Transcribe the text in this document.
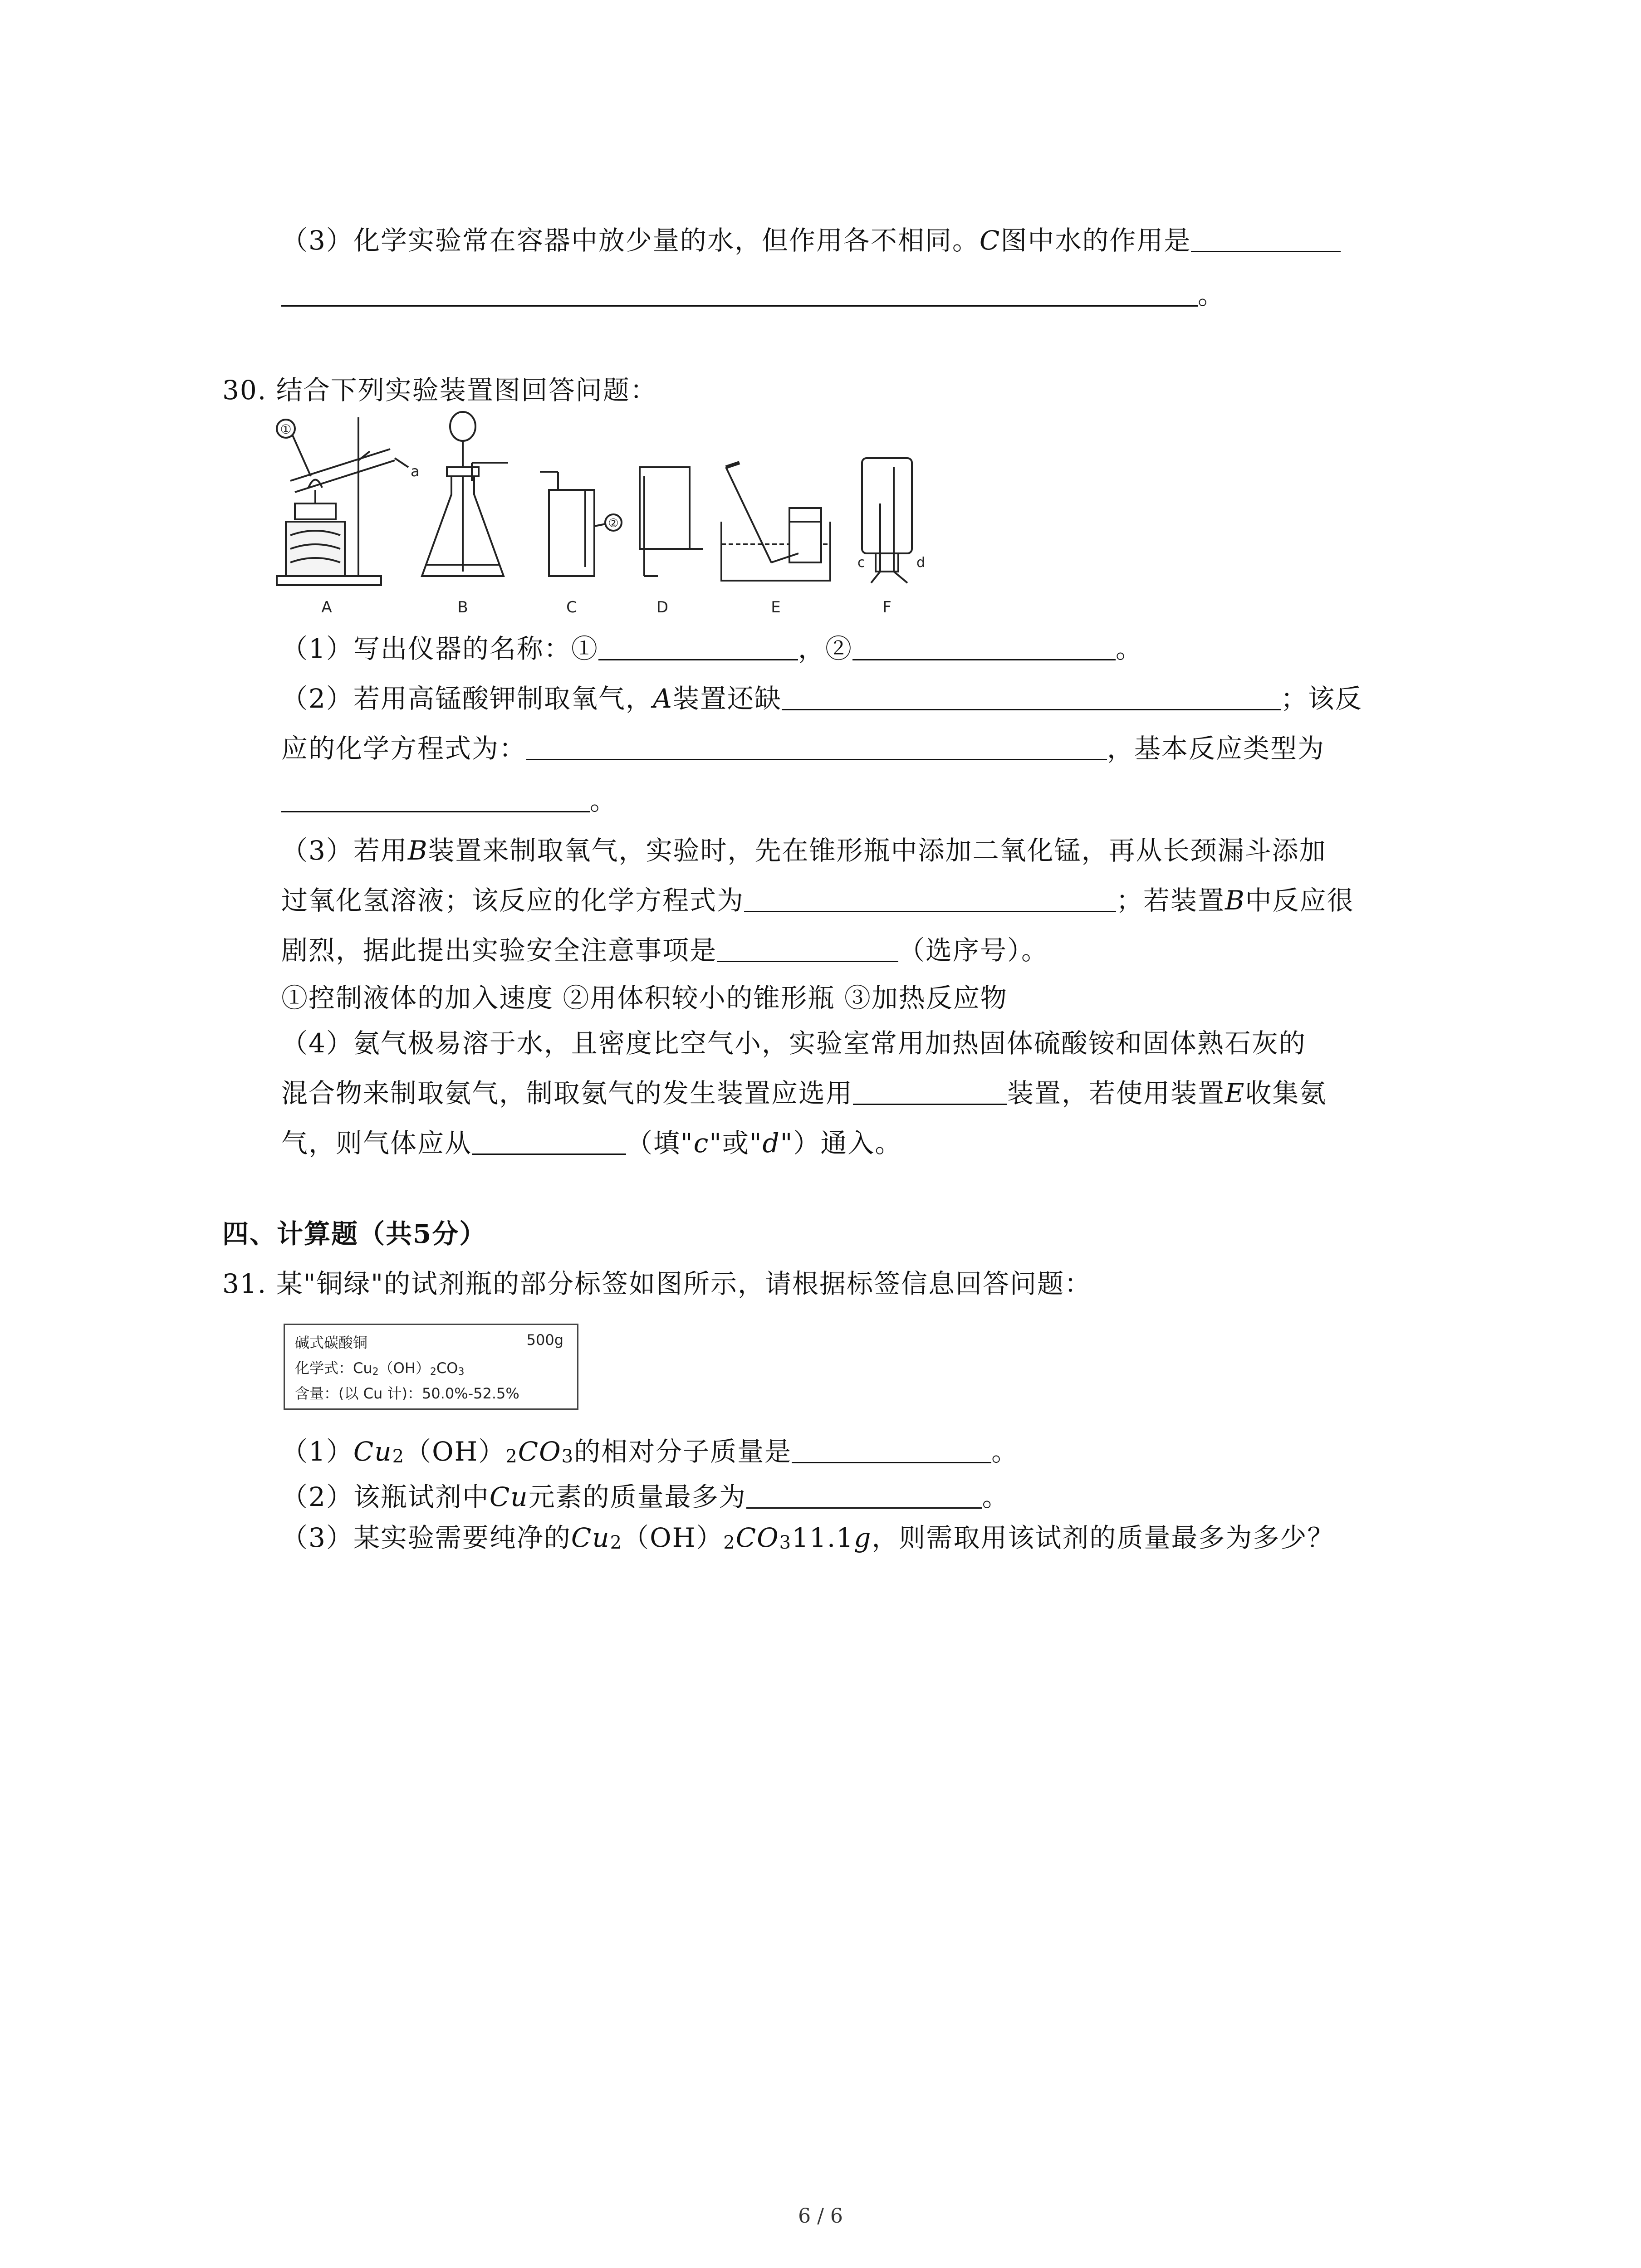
（3）化学实验常在容器中放少量的水，但作用各不相同。C图中水的作用是
。
30. 结合下列实验装置图回答问题：
①
a
A	B
②
C	D	E
c	d
F
（1）写出仪器的名称：①	，②	。
（2）若用高锰酸钾制取氧气，A装置还缺	；该反
应的化学方程式为：	，基本反应类型为
。
（3）若用B装置来制取氧气，实验时，先在锥形瓶中添加二氧化锰，再从长颈漏斗添加
过氧化氢溶液；该反应的化学方程式为	；若装置B中反应很
剧烈，据此提出实验安全注意事项是	（选序号）。
①控制液体的加入速度 ②用体积较小的锥形瓶 ③加热反应物
（4）氨气极易溶于水，且密度比空气小，实验室常用加热固体硫酸铵和固体熟石灰的
混合物来制取氨气，制取氨气的发生装置应选用	装置，若使用装置E收集氨
气，则气体应从	（填"c"或"d"）通入。
四、计算题（共5分）
31. 某"铜绿"的试剂瓶的部分标签如图所示，请根据标签信息回答问题：
碱式碳酸铜	500g
化学式：Cu2（OH）2CO3
含量：(以 Cu 计)：50.0%-52.5%
（1）Cu2（OH）2CO3的相对分子质量是	。
（2）该瓶试剂中Cu元素的质量最多为	。
（3）某实验需要纯净的Cu2（OH）2CO311.1g，则需取用该试剂的质量最多为多少？
6 / 6
